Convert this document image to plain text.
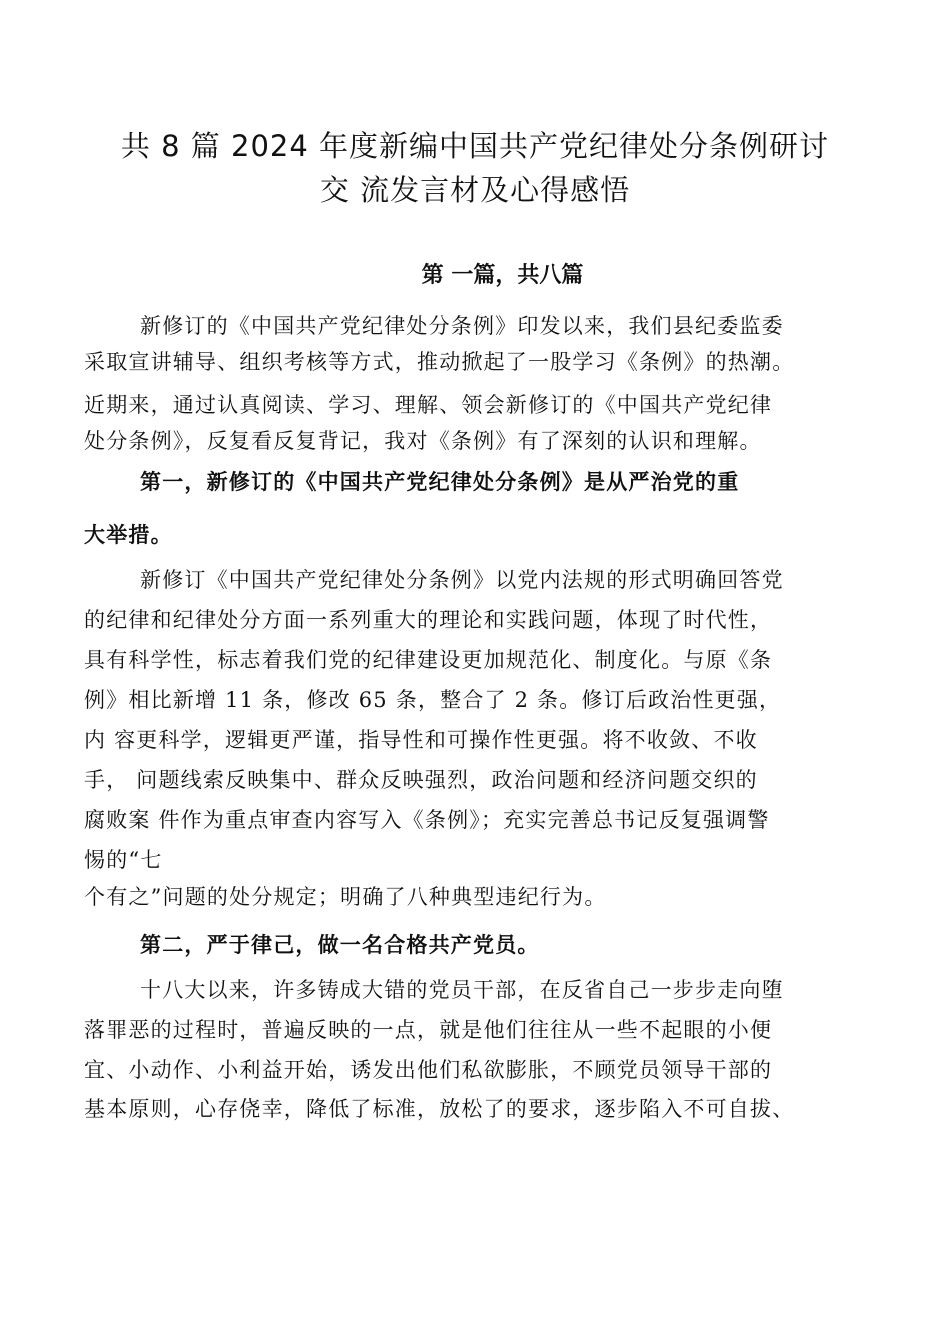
共 8 篇 2024 年度新编中国共产党纪律处分条例研讨
交 流发言材及心得感悟
第 一篇，共八篇
新修订的《中国共产党纪律处分条例》印发以来，我们县纪委监委
采取宣讲辅导、组织考核等方式，推动掀起了一股学习《条例》的热潮。
近期来，通过认真阅读、学习、理解、领会新修订的《中国共产党纪律
处分条例》，反复看反复背记，我对《条例》有了深刻的认识和理解。
第一，新修订的《中国共产党纪律处分条例》是从严治党的重
大举措。
新修订《中国共产党纪律处分条例》以党内法规的形式明确回答党
的纪律和纪律处分方面一系列重大的理论和实践问题，体现了时代性，
具有科学性，标志着我们党的纪律建设更加规范化、制度化。与原《条
例》相比新增 11 条，修改 65 条，整合了 2 条。修订后政治性更强，
内 容更科学，逻辑更严谨，指导性和可操作性更强。将不收敛、不收
手， 问题线索反映集中、群众反映强烈，政治问题和经济问题交织的
腐败案 件作为重点审查内容写入《条例》；充实完善总书记反复强调警
惕的“七
个有之”问题的处分规定；明确了八种典型违纪行为。
第二，严于律己，做一名合格共产党员。
十八大以来，许多铸成大错的党员干部，在反省自己一步步走向堕
落罪恶的过程时，普遍反映的一点，就是他们往往从一些不起眼的小便
宜、小动作、小利益开始，诱发出他们私欲膨胀，不顾党员领导干部的
基本原则，心存侥幸，降低了标准，放松了的要求，逐步陷入不可自拔、
